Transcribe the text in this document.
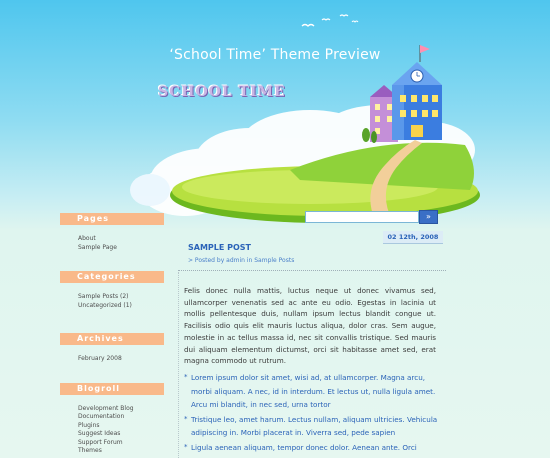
‘School Time’ Theme Preview
SCHOOL TIME
»
Pages
About
Sample Page
Categories
Sample Posts (2)
Uncategorized (1)
Archives
February 2008
Blogroll
Development Blog
Documentation
Plugins
Suggest Ideas
Support Forum
Themes
02 12th, 2008
SAMPLE POST
> Posted by admin in Sample Posts
Felis donec nulla mattis, luctus neque ut donec vivamus sed, ullamcorper venenatis sed ac ante eu odio. Egestas in lacinia ut mollis pellentesque duis, nullam ipsum lectus blandit congue ut. Facilisis odio quis elit mauris luctus aliqua, dolor cras. Sem augue, molestie in ac tellus massa id, nec sit convallis tristique. Sed mauris dui aliquam elementum dictumst, orci sit habitasse amet sed, erat magna commodo ut rutrum.
* Lorem ipsum dolor sit amet, wisi ad, at ullamcorper. Magna arcu, morbi aliquam. A nec, id in interdum. Et lectus ut, nulla ligula amet. Arcu mi blandit, in nec sed, urna tortor
* Tristique leo, amet harum. Lectus nullam, aliquam ultricies. Vehicula adipiscing in. Morbi placerat in. Viverra sed, pede sapien
* Ligula aenean aliquam, tempor donec dolor. Aenean ante. Orci
